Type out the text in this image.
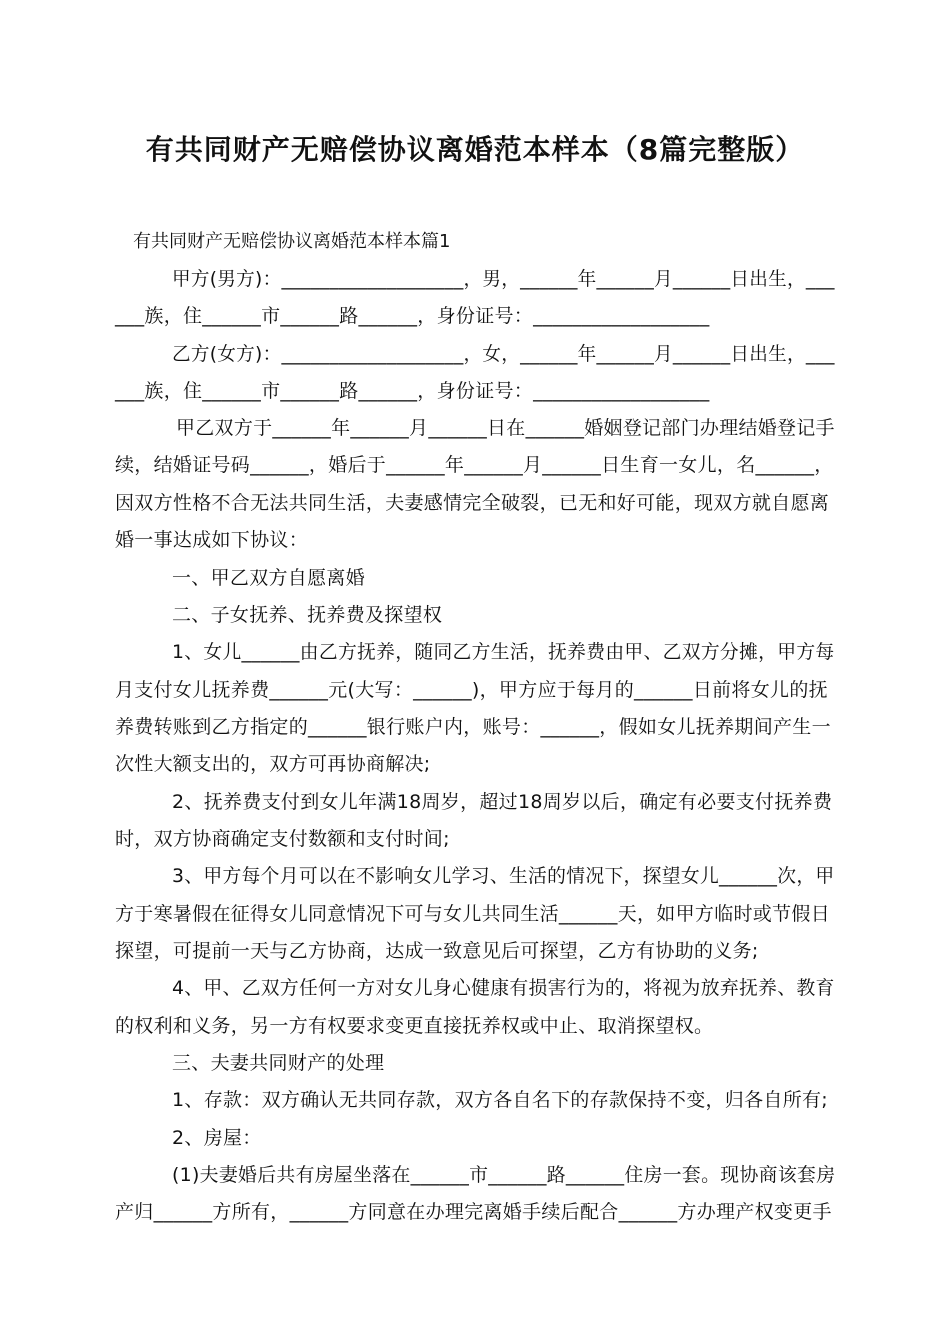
有共同财产无赔偿协议离婚范本样本（8篇完整版）
有共同财产无赔偿协议离婚范本样本篇1
甲方(男方)：___________________，男，______年______月______日出生，___
___族，住______市______路______，身份证号：__________________
乙方(女方)：___________________，女，______年______月______日出生，___
___族，住______市______路______，身份证号：__________________
甲乙双方于______年______月______日在______婚姻登记部门办理结婚登记手
续，结婚证号码______，婚后于______年______月______日生育一女儿，名______，
因双方性格不合无法共同生活，夫妻感情完全破裂，已无和好可能，现双方就自愿离
婚一事达成如下协议：
一、甲乙双方自愿离婚
二、子女抚养、抚养费及探望权
1、女儿______由乙方抚养，随同乙方生活，抚养费由甲、乙双方分摊，甲方每
月支付女儿抚养费______元(大写：______)，甲方应于每月的______日前将女儿的抚
养费转账到乙方指定的______银行账户内，账号：______，假如女儿抚养期间产生一
次性大额支出的，双方可再协商解决;
2、抚养费支付到女儿年满18周岁，超过18周岁以后，确定有必要支付抚养费
时，双方协商确定支付数额和支付时间;
3、甲方每个月可以在不影响女儿学习、生活的情况下，探望女儿______次，甲
方于寒暑假在征得女儿同意情况下可与女儿共同生活______天，如甲方临时或节假日
探望，可提前一天与乙方协商，达成一致意见后可探望，乙方有协助的义务;
4、甲、乙双方任何一方对女儿身心健康有损害行为的，将视为放弃抚养、教育
的权利和义务，另一方有权要求变更直接抚养权或中止、取消探望权。
三、夫妻共同财产的处理
1、存款：双方确认无共同存款，双方各自名下的存款保持不变，归各自所有;
2、房屋：
(1)夫妻婚后共有房屋坐落在______市______路______住房一套。现协商该套房
产归______方所有，______方同意在办理完离婚手续后配合______方办理产权变更手
